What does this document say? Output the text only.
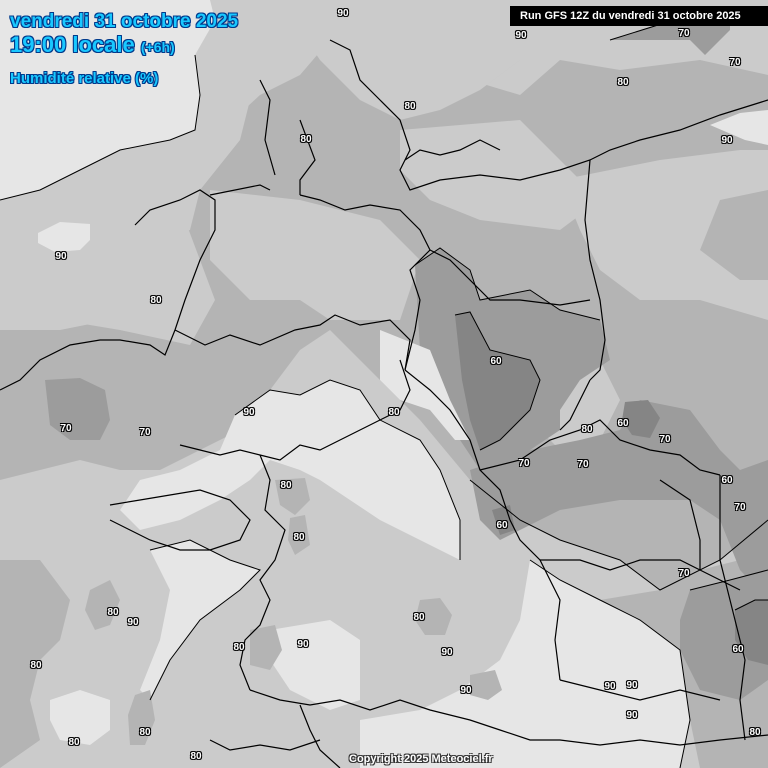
vendredi 31 octobre 2025
19:00 locale (+6h)
Humidité relative (%)
Run GFS 12Z du vendredi 31 octobre 2025
90
90	70
70
80
80
90
80
90
80
60
70	70
90	80
80
60
70
70	70
60
70
80
80
60
70
80
90	80
80
80	90
90	60
90	90 90
90
80
80
80
80	Copyright 2025 Meteociel.fr
